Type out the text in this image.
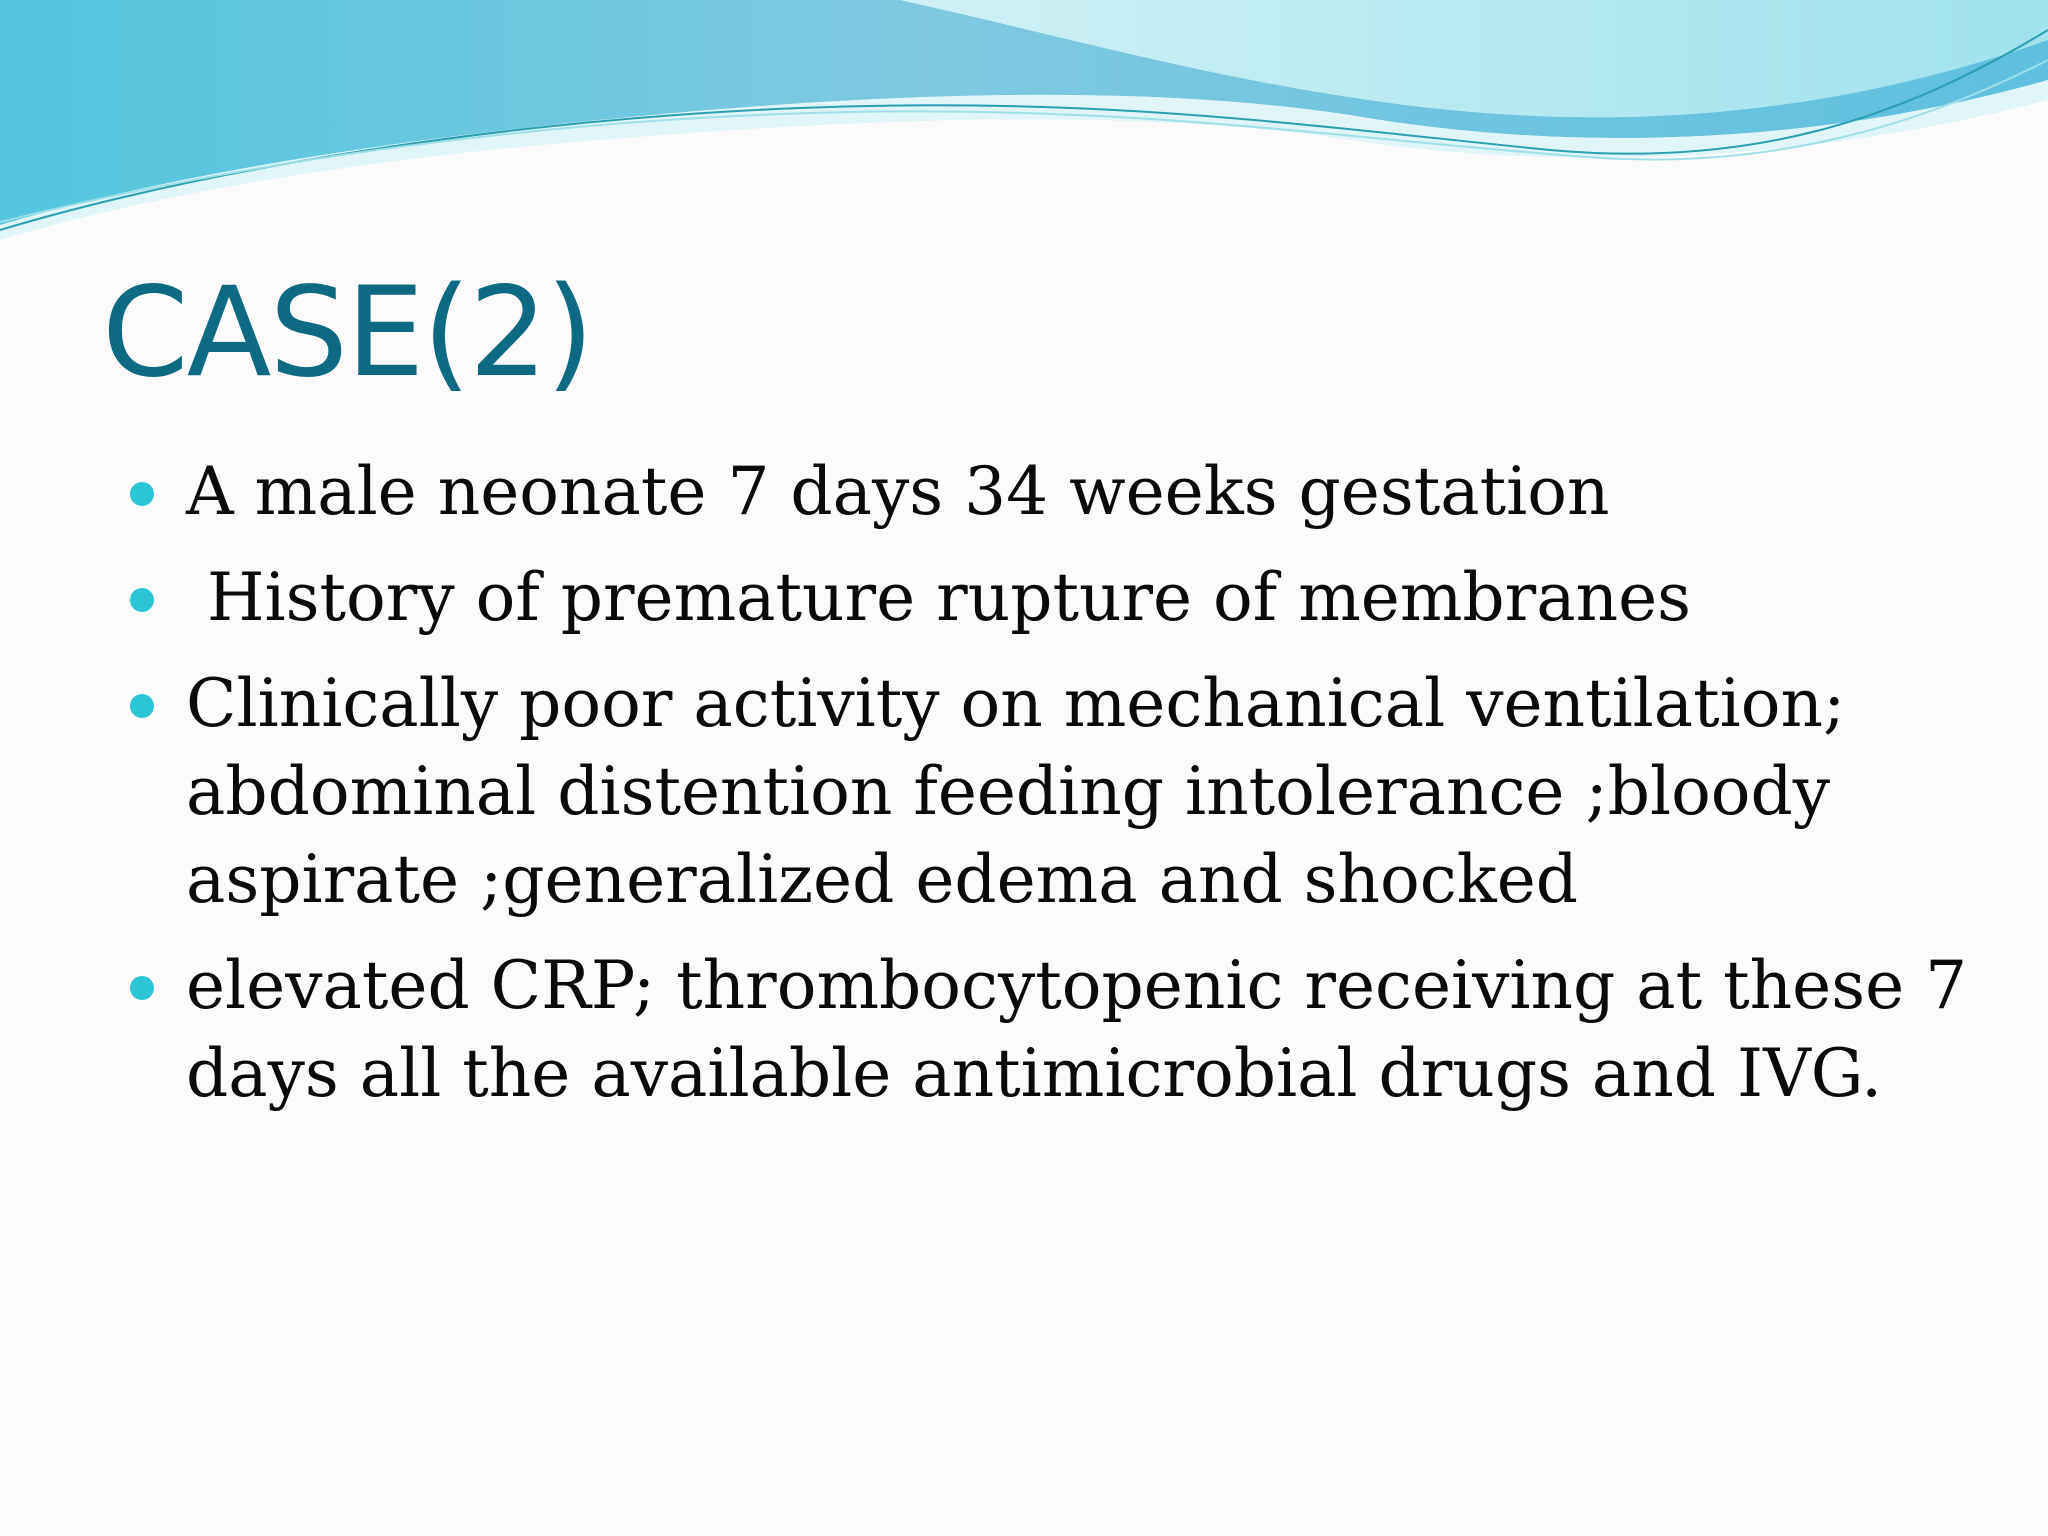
CASE(2)
A male neonate 7 days 34 weeks gestation
History of premature rupture of membranes
Clinically poor activity on mechanical ventilation; abdominal distention feeding intolerance ;bloody aspirate ;generalized edema and shocked
elevated CRP; thrombocytopenic receiving at these 7 days all the available antimicrobial drugs and IVG.
